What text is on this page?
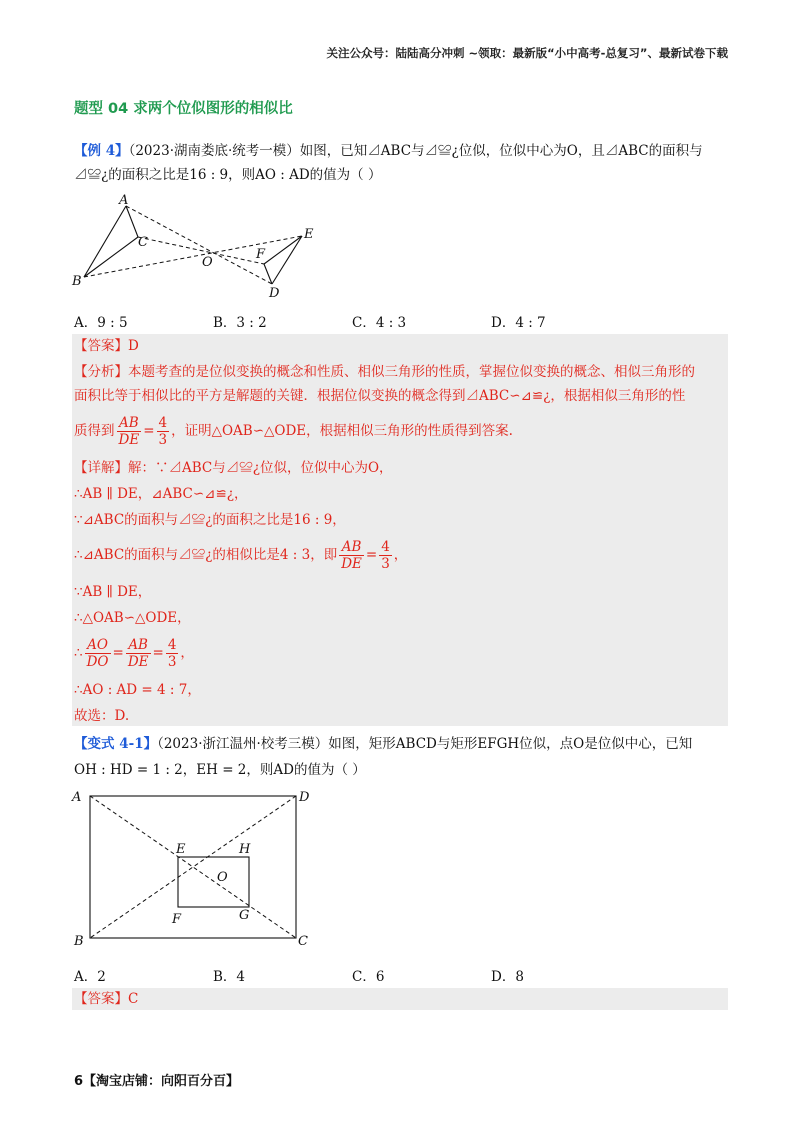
关注公众号：陆陆高分冲刺 ~领取：最新版“小中高考-总复习”、最新试卷下载
题型 04 求两个位似图形的相似比
【例 4】（2023·湖南娄底·统考一模）如图，已知⊿ABC与⊿≌¿位似，位似中心为O，且⊿ABC的面积与
⊿≌¿的面积之比是16 : 9，则AO : AD的值为（ ）
A
B
C
O
E
F
D
A．9 : 5	B．3 : 2	C．4 : 3	D．4 : 7
【答案】D
【分析】本题考查的是位似变换的概念和性质、相似三角形的性质，掌握位似变换的概念、相似三角形的
面积比等于相似比的平方是解题的关键．根据位似变换的概念得到⊿ABC∽⊿≌¿，根据相似三角形的性
质得到 $\frac{AB}{DE} = \frac{4}{3}$ ，证明△OAB∽△ODE，根据相似三角形的性质得到答案.
【详解】解：∵⊿ABC与⊿≌¿位似，位似中心为O，
∴AB ∥ DE，⊿ABC∽⊿≌¿，
∵⊿ABC的面积与⊿≌¿的面积之比是16 : 9，
∴⊿ABC的面积与⊿≌¿的相似比是4 : 3，即 $\frac{AB}{DE} = \frac{4}{3}$ ，
∵AB ∥ DE，
∴△OAB∽△ODE，
∴ $\frac{AO}{DO} = \frac{AB}{DE} = \frac{4}{3}$ ，
∴AO : AD = 4 : 7，
故选：D.
【变式 4-1】（2023·浙江温州·校考三模）如图，矩形ABCD与矩形EFGH位似，点O是位似中心，已知
OH : HD = 1 : 2，EH = 2，则AD的值为（ ）
A	D
E	H
O
F	G
B	C
A．2	B．4	C．6	D．8
【答案】C
6【淘宝店铺：向阳百分百】
